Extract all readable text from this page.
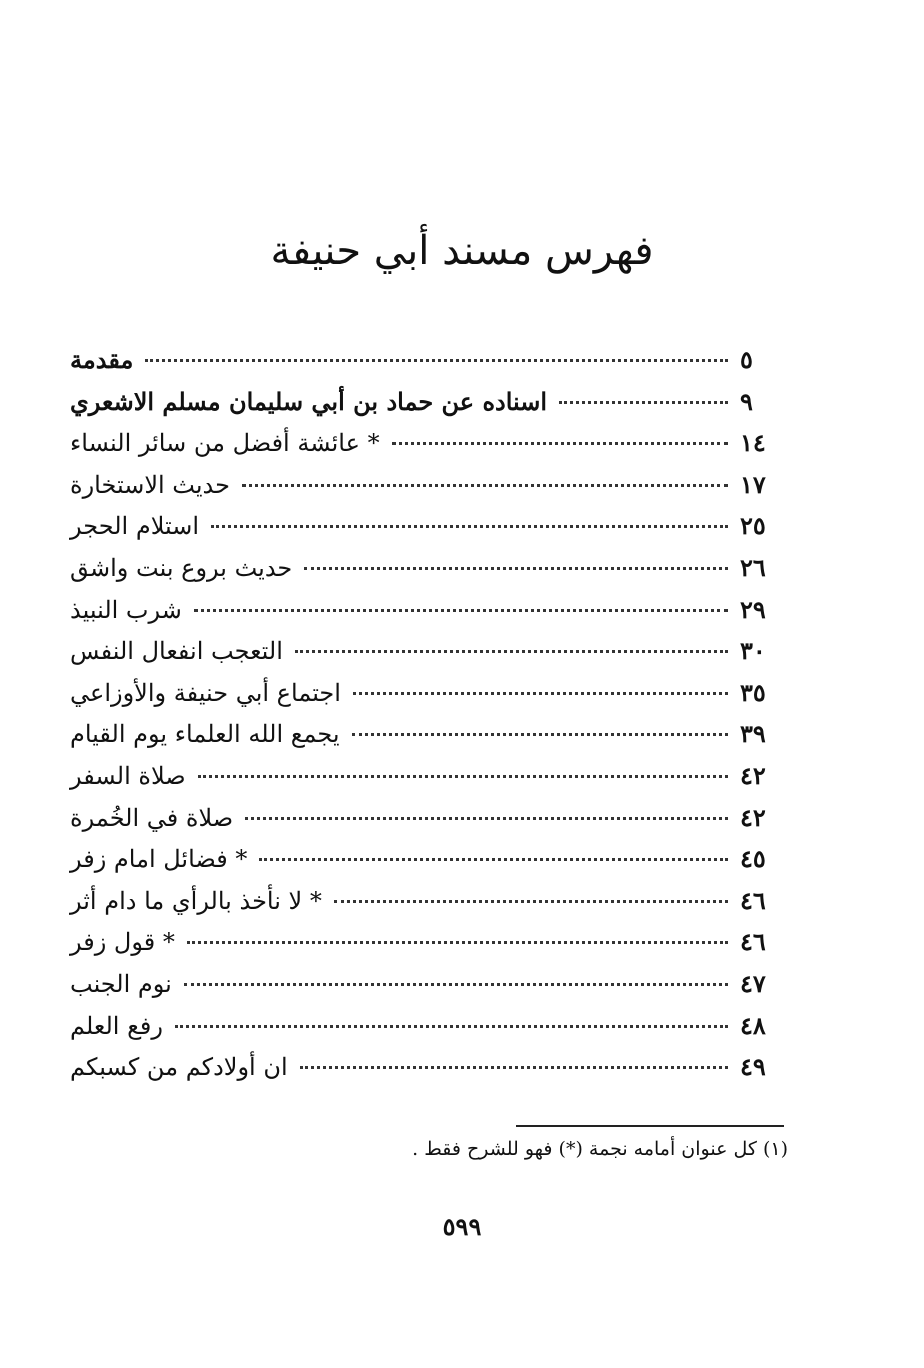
فهرس مسند أبي حنيفة
مقدمة	٥
اسناده عن حماد بن أبي سليمان مسلم الاشعري	٩
* عائشة أفضل من سائر النساء	١٤
حديث الاستخارة	١٧
استلام الحجر	٢٥
حديث بروع بنت واشق	٢٦
شرب النبيذ	٢٩
التعجب انفعال النفس	٣٠
اجتماع أبي حنيفة والأوزاعي	٣٥
يجمع الله العلماء يوم القيام	٣٩
صلاة السفر	٤٢
صلاة في الخُمرة	٤٢
* فضائل امام زفر	٤٥
* لا نأخذ بالرأي ما دام أثر	٤٦
* قول زفر	٤٦
نوم الجنب	٤٧
رفع العلم	٤٨
ان أولادكم من كسبكم	٤٩
(١) كل عنوان أمامه نجمة (*) فهو للشرح فقط .
٥٩٩
